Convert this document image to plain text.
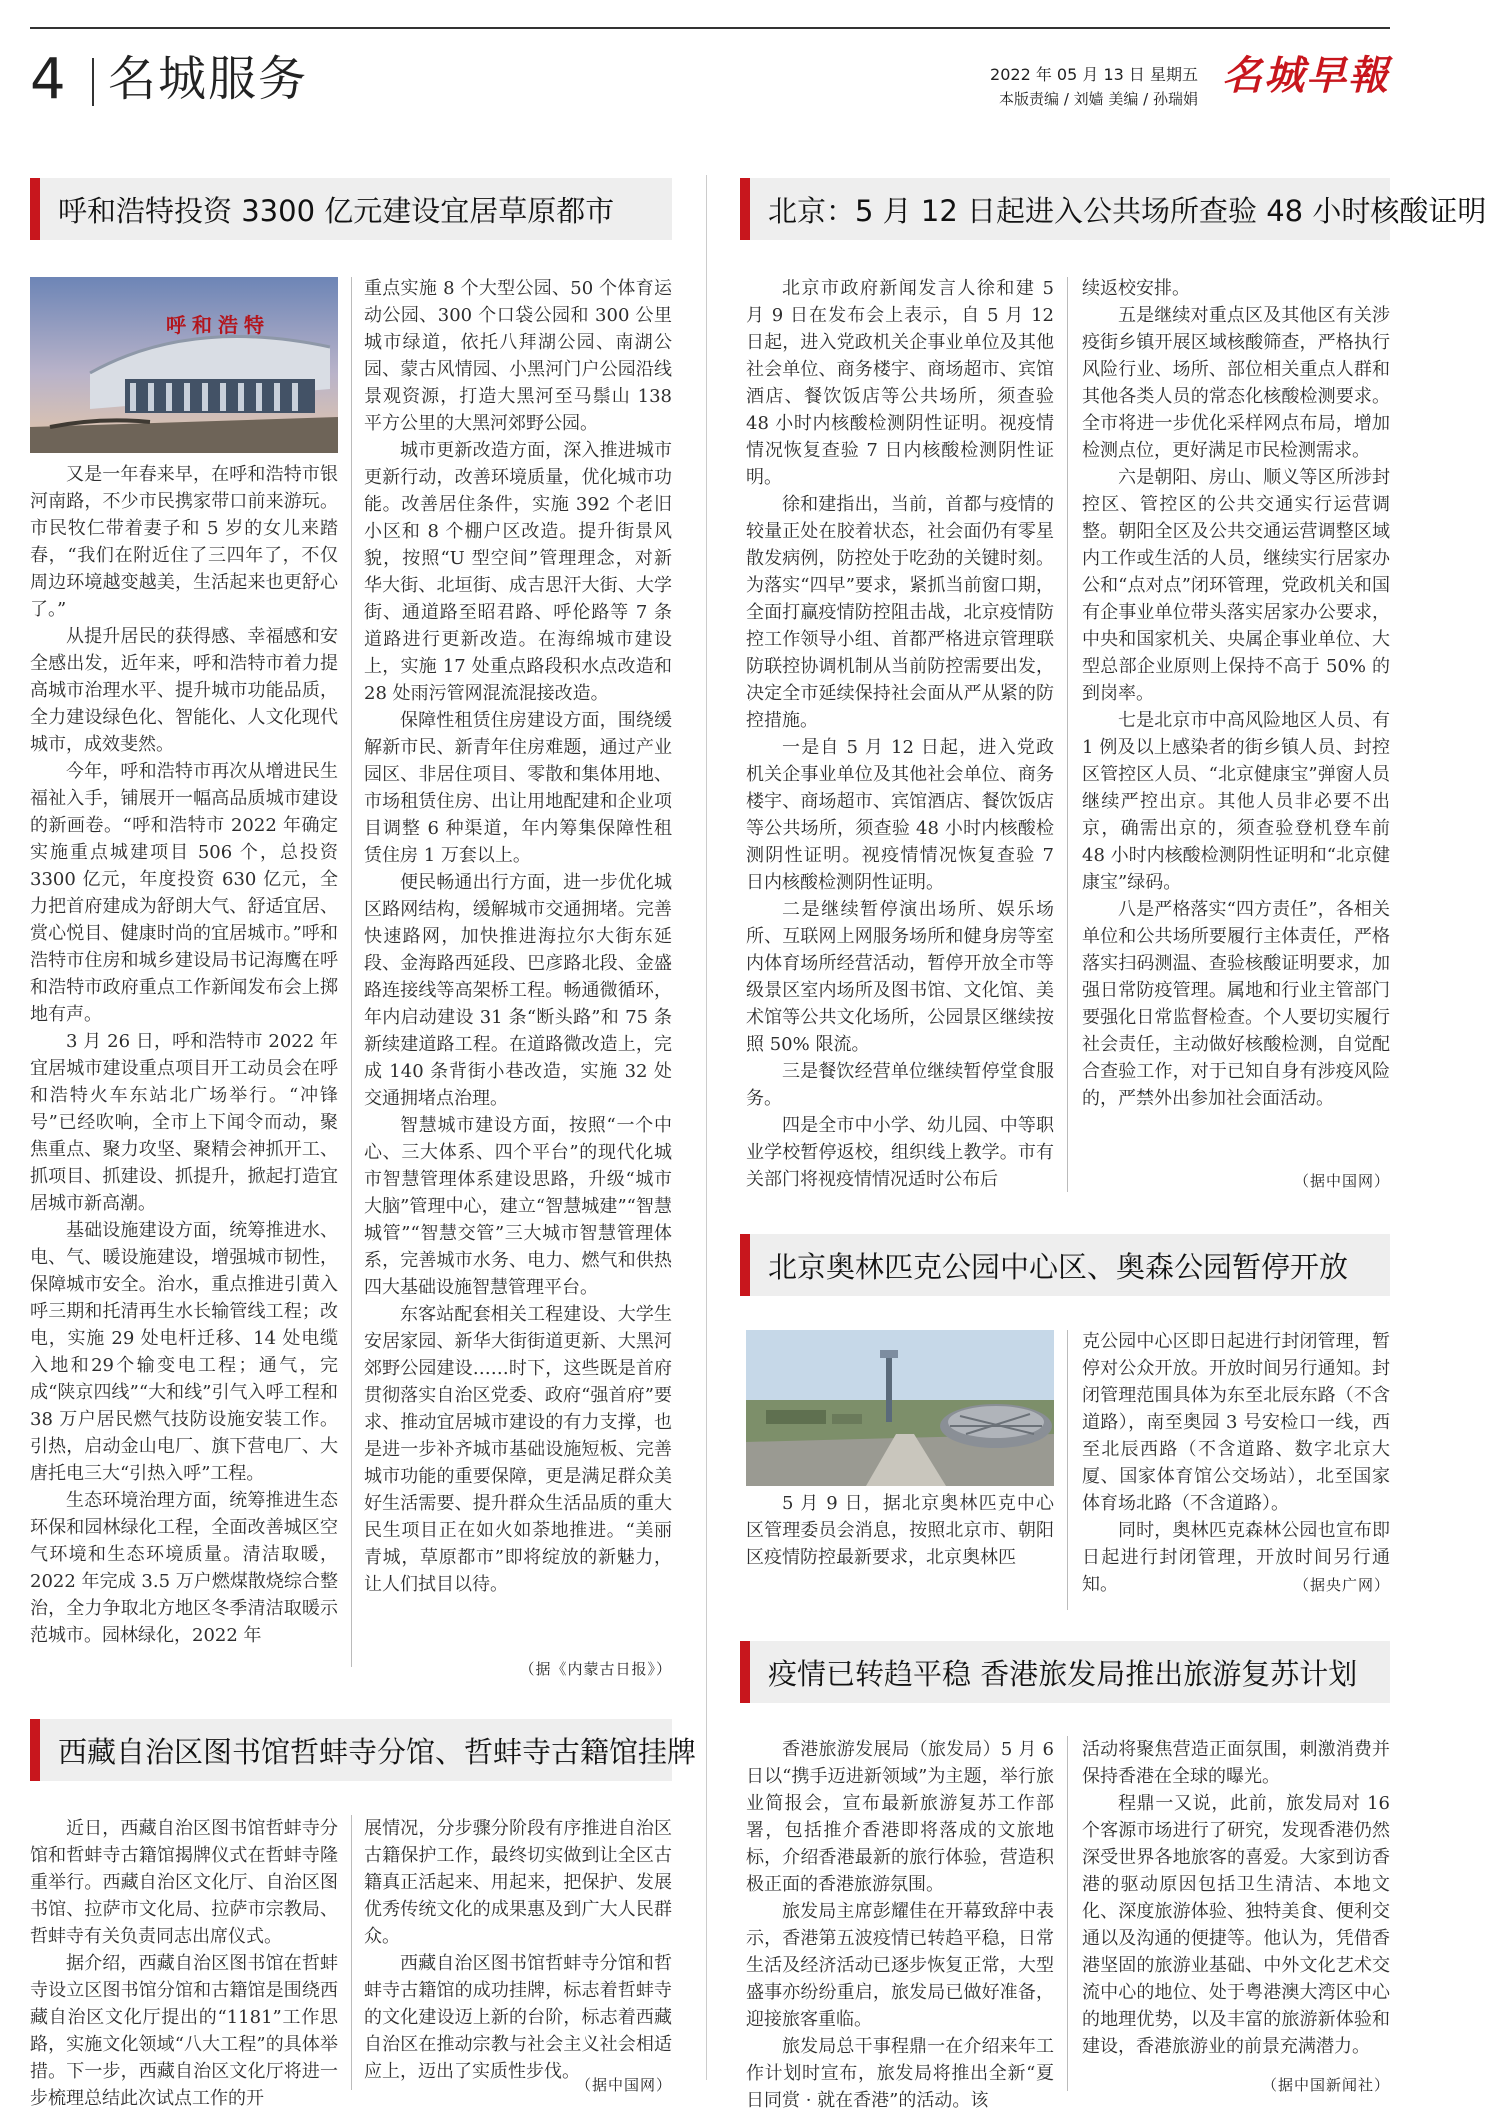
4 名城服务	2022 年 05 月 13 日 星期五
本版责编 / 刘嫱 美编 / 孙瑞娟 名城早報
呼和浩特投资 3300 亿元建设宜居草原都市
呼和浩特

又是一年春来早，在呼和浩特市银河南路，不少市民携家带口前来游玩。市民牧仁带着妻子和 5 岁的女儿来踏春，“我们在附近住了三四年了，不仅周边环境越变越美，生活起来也更舒心了。”

从提升居民的获得感、幸福感和安全感出发，近年来，呼和浩特市着力提高城市治理水平、提升城市功能品质，全力建设绿色化、智能化、人文化现代城市，成效斐然。

今年，呼和浩特市再次从增进民生福祉入手，铺展开一幅高品质城市建设的新画卷。“呼和浩特市 2022 年确定实施重点城建项目 506 个，总投资 3300 亿元，年度投资 630 亿元，全力把首府建成为舒朗大气、舒适宜居、赏心悦目、健康时尚的宜居城市。”呼和浩特市住房和城乡建设局书记海鹰在呼和浩特市政府重点工作新闻发布会上掷地有声。

3 月 26 日，呼和浩特市 2022 年宜居城市建设重点项目开工动员会在呼和浩特火车东站北广场举行。“冲锋号”已经吹响，全市上下闻令而动，聚焦重点、聚力攻坚、聚精会神抓开工、抓项目、抓建设、抓提升，掀起打造宜居城市新高潮。

基础设施建设方面，统筹推进水、电、气、暖设施建设，增强城市韧性，保障城市安全。治水，重点推进引黄入呼三期和托清再生水长输管线工程；改电，实施 29 处电杆迁移、14 处电缆入地和29个输变电工程；通气，完成“陕京四线”“大和线”引气入呼工程和 38 万户居民燃气技防设施安装工作。引热，启动金山电厂、旗下营电厂、大唐托电三大“引热入呼”工程。

生态环境治理方面，统筹推进生态环保和园林绿化工程，全面改善城区空气环境和生态环境质量。清洁取暖，2022 年完成 3.5 万户燃煤散烧综合整治，全力争取北方地区冬季清洁取暖示范城市。园林绿化，2022 年

重点实施 8 个大型公园、50 个体育运动公园、300 个口袋公园和 300 公里城市绿道，依托八拜湖公园、南湖公园、蒙古风情园、小黑河门户公园沿线景观资源，打造大黑河至马鬃山 138 平方公里的大黑河郊野公园。

城市更新改造方面，深入推进城市更新行动，改善环境质量，优化城市功能。改善居住条件，实施 392 个老旧小区和 8 个棚户区改造。提升街景风貌，按照“U 型空间”管理理念，对新华大街、北垣街、成吉思汗大街、大学街、通道路至昭君路、呼伦路等 7 条道路进行更新改造。在海绵城市建设上，实施 17 处重点路段积水点改造和 28 处雨污管网混流混接改造。

保障性租赁住房建设方面，围绕缓解新市民、新青年住房难题，通过产业园区、非居住项目、零散和集体用地、市场租赁住房、出让用地配建和企业项目调整 6 种渠道，年内筹集保障性租赁住房 1 万套以上。

便民畅通出行方面，进一步优化城区路网结构，缓解城市交通拥堵。完善快速路网，加快推进海拉尔大街东延段、金海路西延段、巴彦路北段、金盛路连接线等高架桥工程。畅通微循环，年内启动建设 31 条“断头路”和 75 条新续建道路工程。在道路微改造上，完成 140 条背街小巷改造，实施 32 处交通拥堵点治理。

智慧城市建设方面，按照“一个中心、三大体系、四个平台”的现代化城市智慧管理体系建设思路，升级“城市大脑”管理中心，建立“智慧城建”“智慧城管”“智慧交管”三大城市智慧管理体系，完善城市水务、电力、燃气和供热四大基础设施智慧管理平台。

东客站配套相关工程建设、大学生安居家园、新华大街街道更新、大黑河郊野公园建设……时下，这些既是首府贯彻落实自治区党委、政府“强首府”要求、推动宜居城市建设的有力支撑，也是进一步补齐城市基础设施短板、完善城市功能的重要保障，更是满足群众美好生活需要、提升群众生活品质的重大民生项目正在如火如荼地推进。“美丽青城，草原都市”即将绽放的新魅力，让人们拭目以待。

（据《内蒙古日报》）
北京：5 月 12 日起进入公共场所查验 48 小时核酸证明

北京市政府新闻发言人徐和建 5 月 9 日在发布会上表示，自 5 月 12 日起，进入党政机关企事业单位及其他社会单位、商务楼宇、商场超市、宾馆酒店、餐饮饭店等公共场所，须查验 48 小时内核酸检测阴性证明。视疫情情况恢复查验 7 日内核酸检测阴性证明。

徐和建指出，当前，首都与疫情的较量正处在胶着状态，社会面仍有零星散发病例，防控处于吃劲的关键时刻。为落实“四早”要求，紧抓当前窗口期，全面打赢疫情防控阻击战，北京疫情防控工作领导小组、首都严格进京管理联防联控协调机制从当前防控需要出发，决定全市延续保持社会面从严从紧的防控措施。

一是自 5 月 12 日起，进入党政机关企事业单位及其他社会单位、商务楼宇、商场超市、宾馆酒店、餐饮饭店等公共场所，须查验 48 小时内核酸检测阴性证明。视疫情情况恢复查验 7 日内核酸检测阴性证明。

二是继续暂停演出场所、娱乐场所、互联网上网服务场所和健身房等室内体育场所经营活动，暂停开放全市等级景区室内场所及图书馆、文化馆、美术馆等公共文化场所，公园景区继续按照 50% 限流。

三是餐饮经营单位继续暂停堂食服务。

四是全市中小学、幼儿园、中等职业学校暂停返校，组织线上教学。市有关部门将视疫情情况适时公布后

续返校安排。

五是继续对重点区及其他区有关涉疫街乡镇开展区域核酸筛查，严格执行风险行业、场所、部位相关重点人群和其他各类人员的常态化核酸检测要求。全市将进一步优化采样网点布局，增加检测点位，更好满足市民检测需求。

六是朝阳、房山、顺义等区所涉封控区、管控区的公共交通实行运营调整。朝阳全区及公共交通运营调整区域内工作或生活的人员，继续实行居家办公和“点对点”闭环管理，党政机关和国有企事业单位带头落实居家办公要求，中央和国家机关、央属企事业单位、大型总部企业原则上保持不高于 50% 的到岗率。

七是北京市中高风险地区人员、有 1 例及以上感染者的街乡镇人员、封控区管控区人员、“北京健康宝”弹窗人员继续严控出京。其他人员非必要不出京，确需出京的，须查验登机登车前 48 小时内核酸检测阴性证明和“北京健康宝”绿码。

八是严格落实“四方责任”，各相关单位和公共场所要履行主体责任，严格落实扫码测温、查验核酸证明要求，加强日常防疫管理。属地和行业主管部门要强化日常监督检查。个人要切实履行社会责任，主动做好核酸检测，自觉配合查验工作，对于已知自身有涉疫风险的，严禁外出参加社会面活动。

（据中国网）
北京奥林匹克公园中心区、奥森公园暂停开放

5 月 9 日，据北京奥林匹克中心区管理委员会消息，按照北京市、朝阳区疫情防控最新要求，北京奥林匹

克公园中心区即日起进行封闭管理，暂停对公众开放。开放时间另行通知。封闭管理范围具体为东至北辰东路（不含道路），南至奥园 3 号安检口一线，西至北辰西路（不含道路、数字北京大厦、国家体育馆公交场站），北至国家体育场北路（不含道路）。

同时，奥林匹克森林公园也宣布即日起进行封闭管理，开放时间另行通知。	（据央广网）
西藏自治区图书馆哲蚌寺分馆、哲蚌寺古籍馆挂牌

近日，西藏自治区图书馆哲蚌寺分馆和哲蚌寺古籍馆揭牌仪式在哲蚌寺隆重举行。西藏自治区文化厅、自治区图书馆、拉萨市文化局、拉萨市宗教局、哲蚌寺有关负责同志出席仪式。

据介绍，西藏自治区图书馆在哲蚌寺设立区图书馆分馆和古籍馆是围绕西藏自治区文化厅提出的“1181”工作思路，实施文化领域“八大工程”的具体举措。下一步，西藏自治区文化厅将进一步梳理总结此次试点工作的开

展情况，分步骤分阶段有序推进自治区古籍保护工作，最终切实做到让全区古籍真正活起来、用起来，把保护、发展优秀传统文化的成果惠及到广大人民群众。

西藏自治区图书馆哲蚌寺分馆和哲蚌寺古籍馆的成功挂牌，标志着哲蚌寺的文化建设迈上新的台阶，标志着西藏自治区在推动宗教与社会主义社会相适应上，迈出了实质性步伐。

（据中国网）
疫情已转趋平稳 香港旅发局推出旅游复苏计划

香港旅游发展局（旅发局）5 月 6 日以“携手迈进新领域”为主题，举行旅业简报会，宣布最新旅游复苏工作部署，包括推介香港即将落成的文旅地标，介绍香港最新的旅行体验，营造积极正面的香港旅游氛围。

旅发局主席彭耀佳在开幕致辞中表示，香港第五波疫情已转趋平稳，日常生活及经济活动已逐步恢复正常，大型盛事亦纷纷重启，旅发局已做好准备，迎接旅客重临。

旅发局总干事程鼎一在介绍来年工作计划时宣布，旅发局将推出全新“夏日同赏 · 就在香港”的活动。该

活动将聚焦营造正面氛围，刺激消费并保持香港在全球的曝光。

程鼎一又说，此前，旅发局对 16 个客源市场进行了研究，发现香港仍然深受世界各地旅客的喜爱。大家到访香港的驱动原因包括卫生清洁、本地文化、深度旅游体验、独特美食、便利交通以及沟通的便捷等。他认为，凭借香港坚固的旅游业基础、中外文化艺术交流中心的地位、处于粤港澳大湾区中心的地理优势，以及丰富的旅游新体验和建设，香港旅游业的前景充满潜力。

（据中国新闻社）
